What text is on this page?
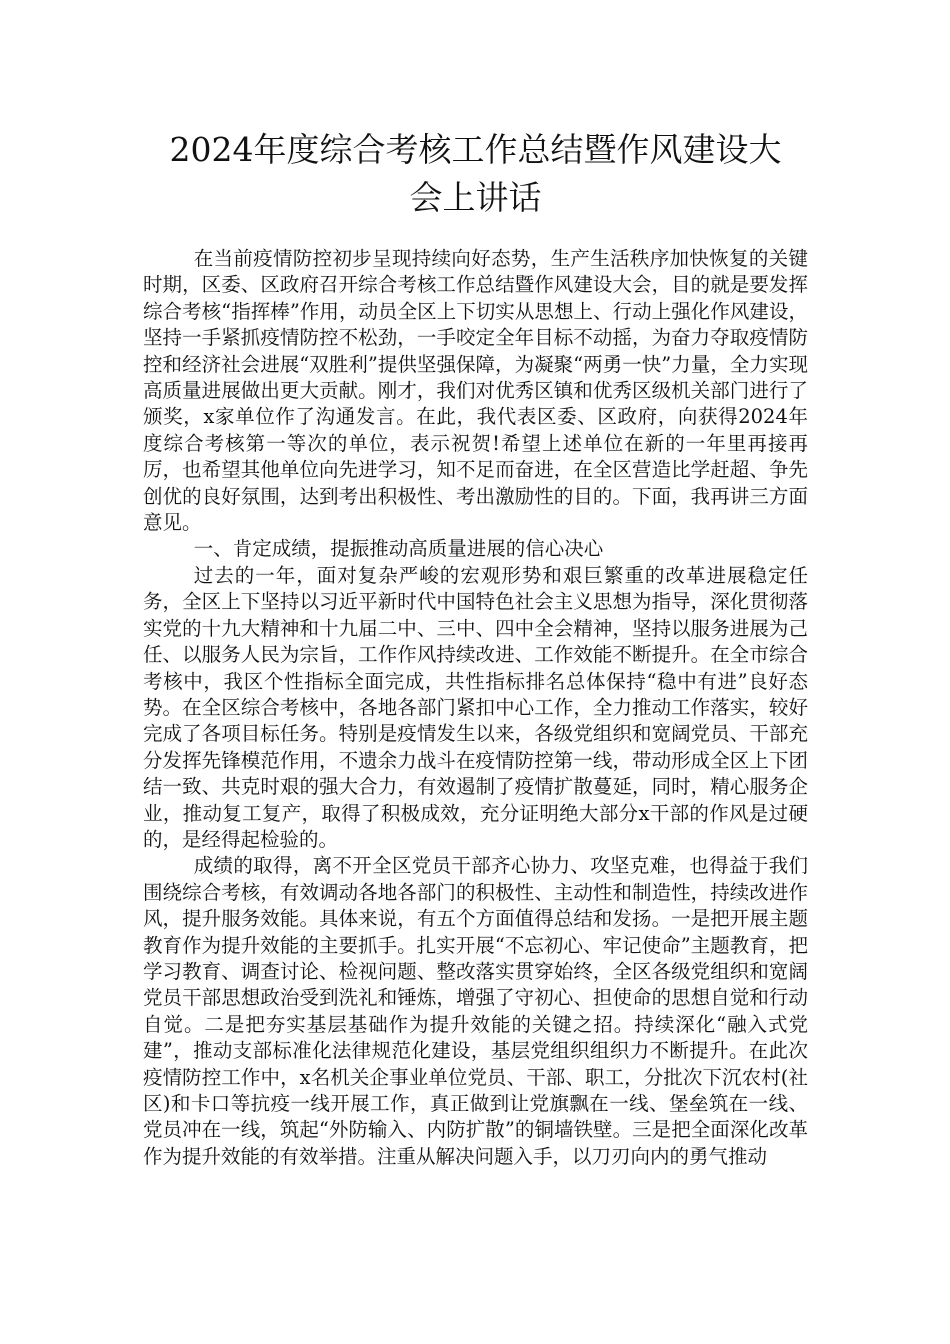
2024年度综合考核工作总结暨作风建设大
会上讲话

在当前疫情防控初步呈现持续向好态势，生产生活秩序加快恢复的关键时期，区委、区政府召开综合考核工作总结暨作风建设大会，目的就是要发挥综合考核“指挥棒”作用，动员全区上下切实从思想上、行动上强化作风建设，坚持一手紧抓疫情防控不松劲，一手咬定全年目标不动摇，为奋力夺取疫情防控和经济社会进展“双胜利”提供坚强保障，为凝聚“两勇一快”力量，全力实现高质量进展做出更大贡献。刚才，我们对优秀区镇和优秀区级机关部门进行了颁奖，x家单位作了沟通发言。在此，我代表区委、区政府，向获得2024年度综合考核第一等次的单位，表示祝贺!希望上述单位在新的一年里再接再厉，也希望其他单位向先进学习，知不足而奋进，在全区营造比学赶超、争先创优的良好氛围，达到考出积极性、考出激励性的目的。下面，我再讲三方面意见。

一、肯定成绩，提振推动高质量进展的信心决心

过去的一年，面对复杂严峻的宏观形势和艰巨繁重的改革进展稳定任务，全区上下坚持以习近平新时代中国特色社会主义思想为指导，深化贯彻落实党的十九大精神和十九届二中、三中、四中全会精神，坚持以服务进展为己任、以服务人民为宗旨，工作作风持续改进、工作效能不断提升。在全市综合考核中，我区个性指标全面完成，共性指标排名总体保持“稳中有进”良好态势。在全区综合考核中，各地各部门紧扣中心工作，全力推动工作落实，较好完成了各项目标任务。特别是疫情发生以来，各级党组织和宽阔党员、干部充分发挥先锋模范作用，不遗余力战斗在疫情防控第一线，带动形成全区上下团结一致、共克时艰的强大合力，有效遏制了疫情扩散蔓延，同时，精心服务企业，推动复工复产，取得了积极成效，充分证明绝大部分x干部的作风是过硬的，是经得起检验的。

成绩的取得，离不开全区党员干部齐心协力、攻坚克难，也得益于我们围绕综合考核，有效调动各地各部门的积极性、主动性和制造性，持续改进作风，提升服务效能。具体来说，有五个方面值得总结和发扬。一是把开展主题教育作为提升效能的主要抓手。扎实开展“不忘初心、牢记使命”主题教育，把学习教育、调查讨论、检视问题、整改落实贯穿始终，全区各级党组织和宽阔党员干部思想政治受到洗礼和锤炼，增强了守初心、担使命的思想自觉和行动自觉。二是把夯实基层基础作为提升效能的关键之招。持续深化“融入式党建”，推动支部标准化法律规范化建设，基层党组织组织力不断提升。在此次疫情防控工作中，x名机关企事业单位党员、干部、职工，分批次下沉农村(社区)和卡口等抗疫一线开展工作，真正做到让党旗飘在一线、堡垒筑在一线、党员冲在一线，筑起“外防输入、内防扩散”的铜墙铁壁。三是把全面深化改革作为提升效能的有效举措。注重从解决问题入手，以刀刃向内的勇气推动
